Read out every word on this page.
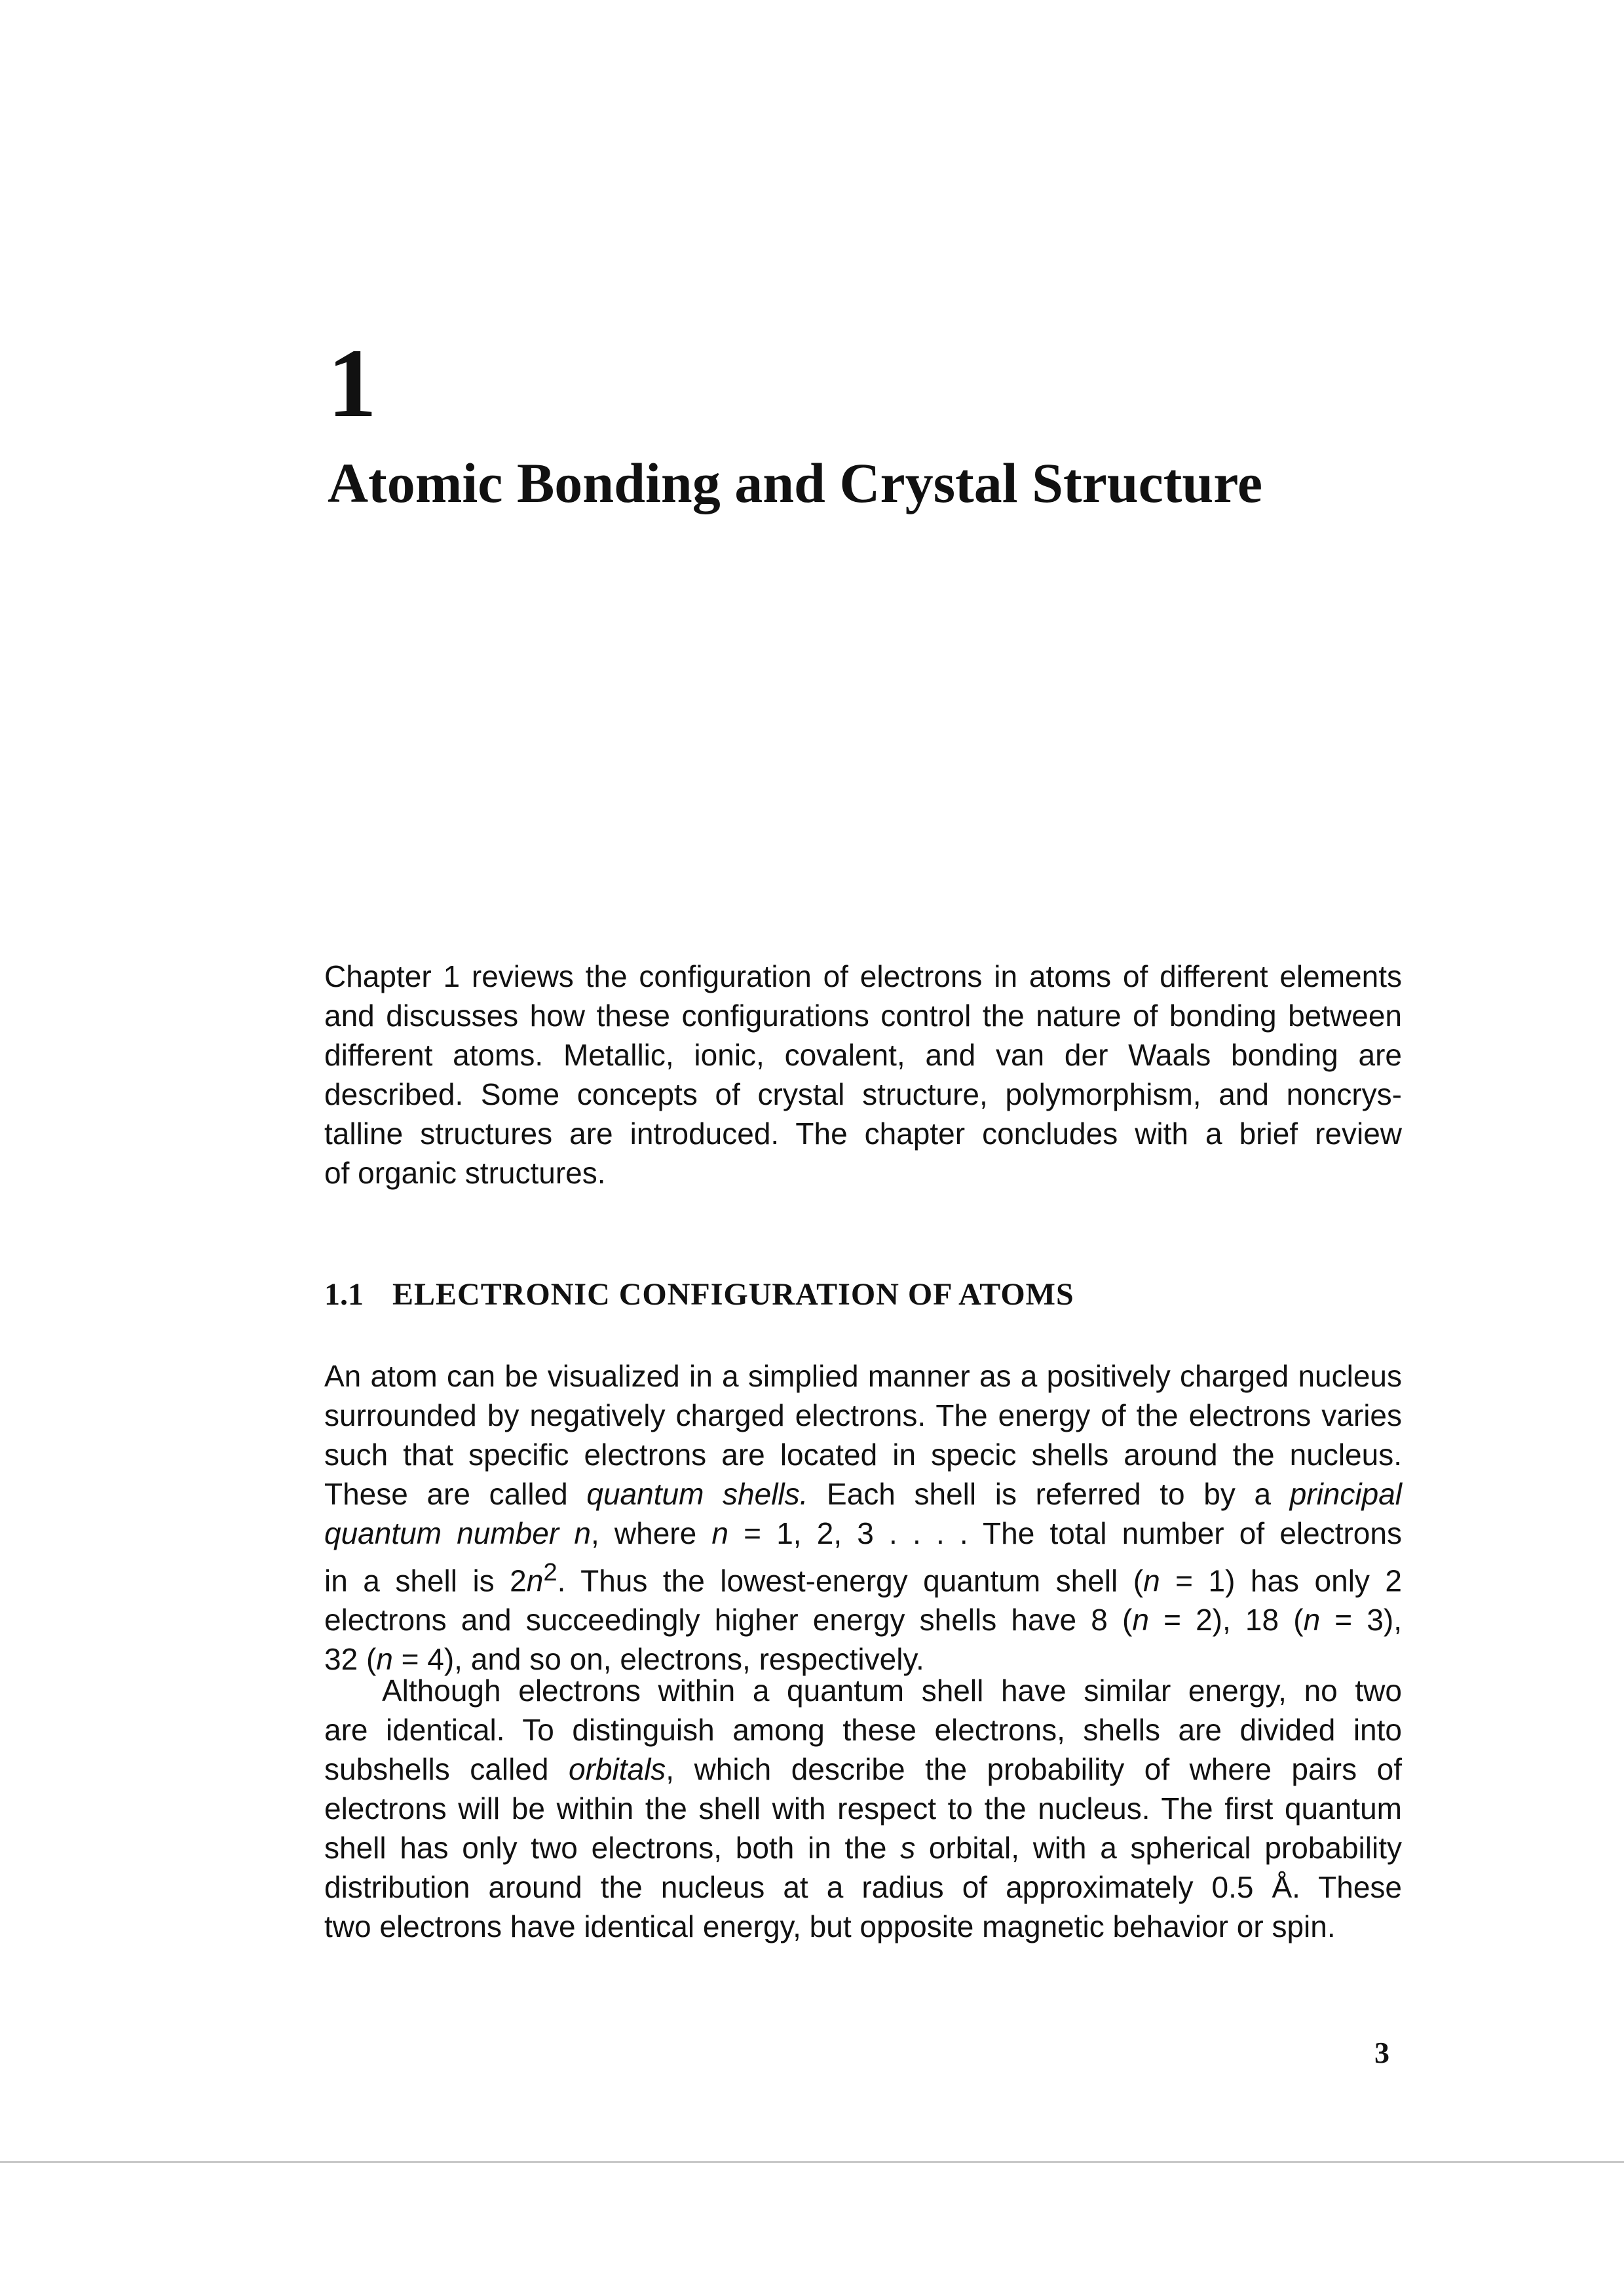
1
Atomic Bonding and Crystal Structure
Chapter 1 reviews the configuration of electrons in atoms of different elements
and discusses how these configurations control the nature of bonding between
different atoms. Metallic, ionic, covalent, and van der Waals bonding are
described. Some concepts of crystal structure, polymorphism, and noncrys-
talline structures are introduced. The chapter concludes with a brief review
of organic structures.
1.1 ELECTRONIC CONFIGURATION OF ATOMS
An atom can be visualized in a simplied manner as a positively charged nucleus
surrounded by negatively charged electrons. The energy of the electrons varies
such that specific electrons are located in specic shells around the nucleus.
These are called quantum shells. Each shell is referred to by a principal
quantum number n, where n = 1, 2, 3 . . . . The total number of electrons
in a shell is $2n^2$. Thus the lowest-energy quantum shell (n = 1) has only 2
electrons and succeedingly higher energy shells have 8 (n = 2), 18 (n = 3),
32 (n = 4), and so on, electrons, respectively.
Although electrons within a quantum shell have similar energy, no two
are identical. To distinguish among these electrons, shells are divided into
subshells called orbitals, which describe the probability of where pairs of
electrons will be within the shell with respect to the nucleus. The first quantum
shell has only two electrons, both in the s orbital, with a spherical probability
distribution around the nucleus at a radius of approximately 0.5 Å. These
two electrons have identical energy, but opposite magnetic behavior or spin.
3
